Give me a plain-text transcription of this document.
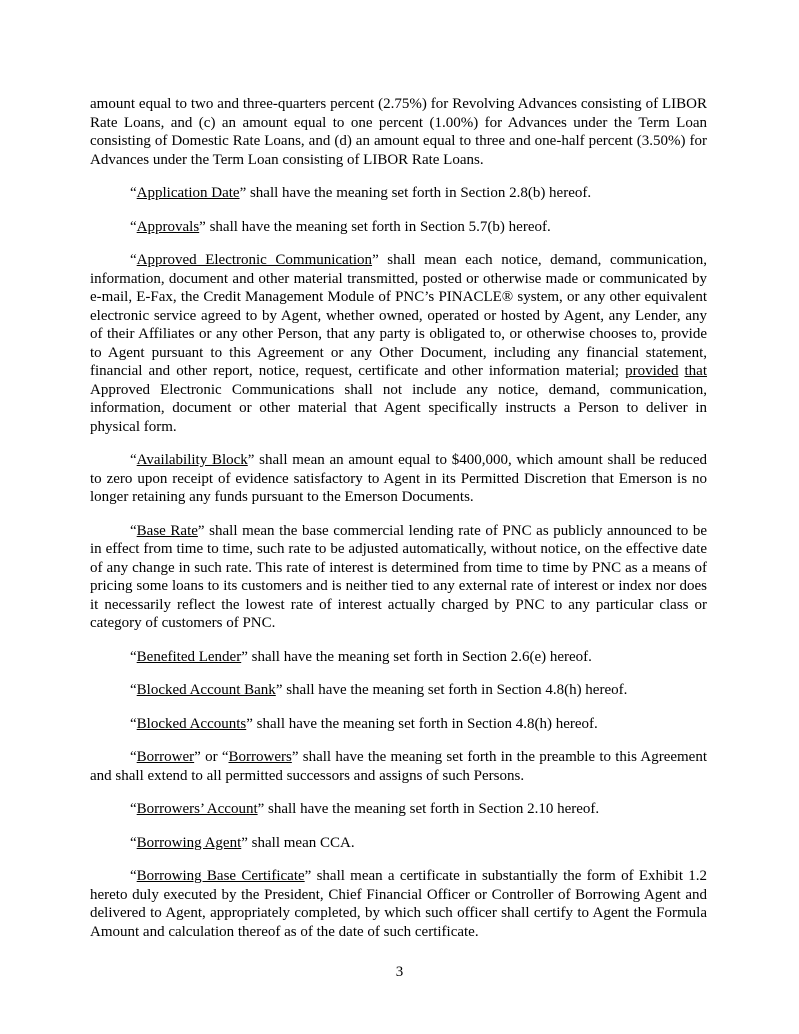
amount equal to two and three-quarters percent (2.75%) for Revolving Advances consisting of LIBOR Rate Loans, and (c) an amount equal to one percent (1.00%) for Advances under the Term Loan consisting of Domestic Rate Loans, and (d) an amount equal to three and one-half percent (3.50%) for Advances under the Term Loan consisting of LIBOR Rate Loans.

“Application Date” shall have the meaning set forth in Section 2.8(b) hereof.

“Approvals” shall have the meaning set forth in Section 5.7(b) hereof.

“Approved Electronic Communication” shall mean each notice, demand, communication, information, document and other material transmitted, posted or otherwise made or communicated by e-mail, E-Fax, the Credit Management Module of PNC’s PINACLE® system, or any other equivalent electronic service agreed to by Agent, whether owned, operated or hosted by Agent, any Lender, any of their Affiliates or any other Person, that any party is obligated to, or otherwise chooses to, provide to Agent pursuant to this Agreement or any Other Document, including any financial statement, financial and other report, notice, request, certificate and other information material; provided that Approved Electronic Communications shall not include any notice, demand, communication, information, document or other material that Agent specifically instructs a Person to deliver in physical form.

“Availability Block” shall mean an amount equal to $400,000, which amount shall be reduced to zero upon receipt of evidence satisfactory to Agent in its Permitted Discretion that Emerson is no longer retaining any funds pursuant to the Emerson Documents.

“Base Rate” shall mean the base commercial lending rate of PNC as publicly announced to be in effect from time to time, such rate to be adjusted automatically, without notice, on the effective date of any change in such rate. This rate of interest is determined from time to time by PNC as a means of pricing some loans to its customers and is neither tied to any external rate of interest or index nor does it necessarily reflect the lowest rate of interest actually charged by PNC to any particular class or category of customers of PNC.

“Benefited Lender” shall have the meaning set forth in Section 2.6(e) hereof.

“Blocked Account Bank” shall have the meaning set forth in Section 4.8(h) hereof.

“Blocked Accounts” shall have the meaning set forth in Section 4.8(h) hereof.

“Borrower” or “Borrowers” shall have the meaning set forth in the preamble to this Agreement and shall extend to all permitted successors and assigns of such Persons.

“Borrowers’ Account” shall have the meaning set forth in Section 2.10 hereof.

“Borrowing Agent” shall mean CCA.

“Borrowing Base Certificate” shall mean a certificate in substantially the form of Exhibit 1.2 hereto duly executed by the President, Chief Financial Officer or Controller of Borrowing Agent and delivered to Agent, appropriately completed, by which such officer shall certify to Agent the Formula Amount and calculation thereof as of the date of such certificate.

3
